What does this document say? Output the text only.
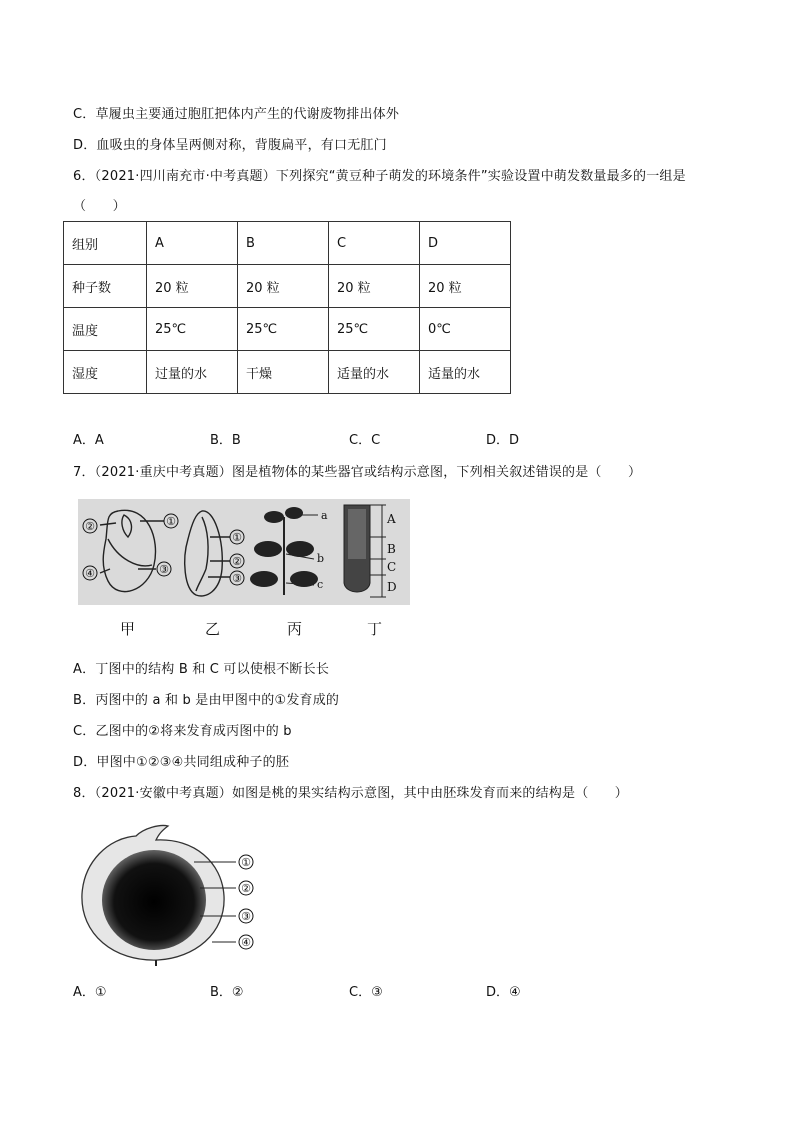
C．草履虫主要通过胞肛把体内产生的代谢废物排出体外
D．血吸虫的身体呈两侧对称，背腹扁平，有口无肛门
6．（2021·四川南充市·中考真题）下列探究“黄豆种子萌发的环境条件”实验设置中萌发数量最多的一组是
（　　）
组别	A	B	C	D
种子数	20 粒	20 粒	20 粒	20 粒
温度	25℃	25℃	25℃	0℃
湿度	过量的水	干燥	适量的水	适量的水
A．A	B．B	C．C	D．D
7．（2021·重庆中考真题）图是植物体的某些器官或结构示意图，下列相关叙述错误的是（　　）
②	①
④	③
①
②
③
a
b
c
A
B
C
D
甲	乙	丙	丁
A．丁图中的结构 B 和 C 可以使根不断长长
B．丙图中的 a 和 b 是由甲图中的①发育成的
C．乙图中的②将来发育成丙图中的 b
D．甲图中①②③④共同组成种子的胚
8．（2021·安徽中考真题）如图是桃的果实结构示意图，其中由胚珠发育而来的结构是（　　）
①
②
③
④
A．①	B．②	C．③	D．④
